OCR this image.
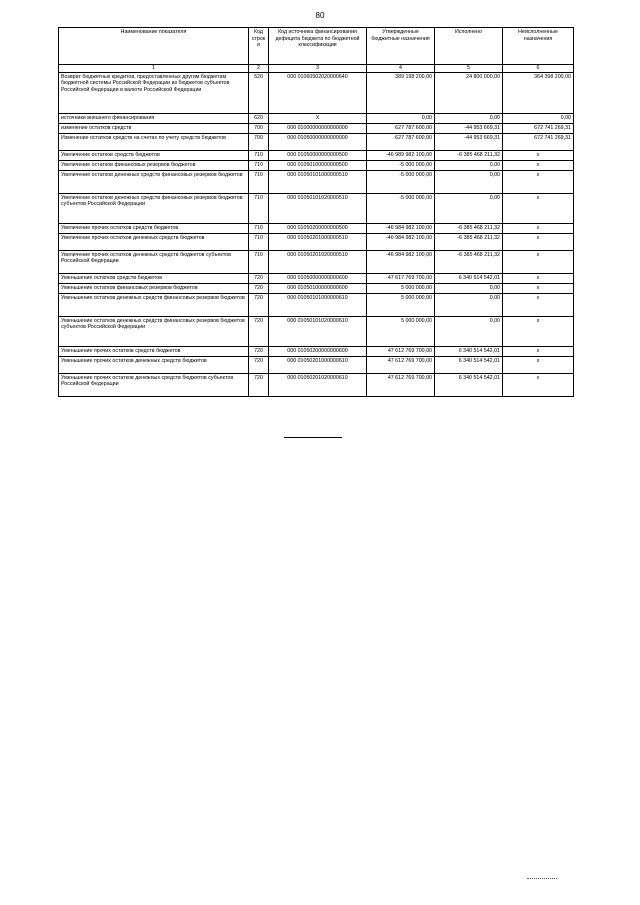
80
Наименование показателя	Код строк и	Код источника финансирования дефицита бюджета по бюджетной классификации	Утвержденные бюджетные назначения	Исполнено	Неисполненные назначения
1	2	3	4	5	6
Возврат бюджетных кредитов, предоставленных другим бюджетам бюджетной системы Российской Федерации из бюджетов субъектов Российской Федерации в валюте Российской Федерации	520	000 01060502020000640	389 198 200,00	24 800 000,00	364 398 200,00
источники внешнего финансирования	620	X	0,00	0,00	0,00
изменение остатков средств	700	000 01000000000000000	627 787 600,00	-44 953 669,31	672 741 269,31
Изменение остатков средств на счетах по учету средств бюджетов	700	000 01050000000000000	627 787 600,00	-44 953 669,31	672 741 269,31
Увеличение остатков средств бюджетов	710	000 01050000000000500	-46 989 982 100,00	-6 385 468 211,32	x
Увеличение остатков финансовых резервов бюджетов	710	000 01050100000000500	-5 000 000,00	0,00	x
Увеличение остатков денежных средств финансовых резервов бюджетов	710	000 01050101000000510	-5 000 000,00	0,00	x
Увеличение остатков денежных средств финансовых резервов бюджетов субъектов Российской Федерации	710	000 01050101020000510	-5 000 000,00	0,00	x
Увеличение прочих остатков средств бюджетов	710	000 01050200000000500	-46 984 982 100,00	-6 385 468 211,32	x
Увеличение прочих остатков денежных средств бюджетов	710	000 01050201000000510	-46 984 982 100,00	-6 385 468 211,32	x
Увеличение прочих остатков денежных средств бюджетов субъектов Российской Федерации	710	000 01050201020000510	-46 984 982 100,00	-6 385 468 211,32	x
Уменьшение остатков средств бюджетов	720	000 01050000000000600	47 617 769 700,00	6 340 514 542,01	x
Уменьшение остатков финансовых резервов бюджетов	720	000 01050100000000600	5 000 000,00	0,00	x
Уменьшение остатков денежных средств финансовых резервов бюджетов	720	000 01050101000000610	5 000 000,00	0,00	x
Уменьшение остатков денежных средств финансовых резервов бюджетов субъектов Российской Федерации	720	000 01050101020000610	5 000 000,00	0,00	x
Уменьшение прочих остатков средств бюджетов	720	000 01050200000000600	47 612 769 700,00	6 340 514 542,01	x
Уменьшение прочих остатков денежных средств бюджетов	720	000 01050201000000610	47 612 769 700,00	6 340 514 542,01	x
Уменьшение прочих остатков денежных средств бюджетов субъектов Российской Федерации	720	000 01050201020000610	47 612 769 700,00	6 340 514 542,01	x
